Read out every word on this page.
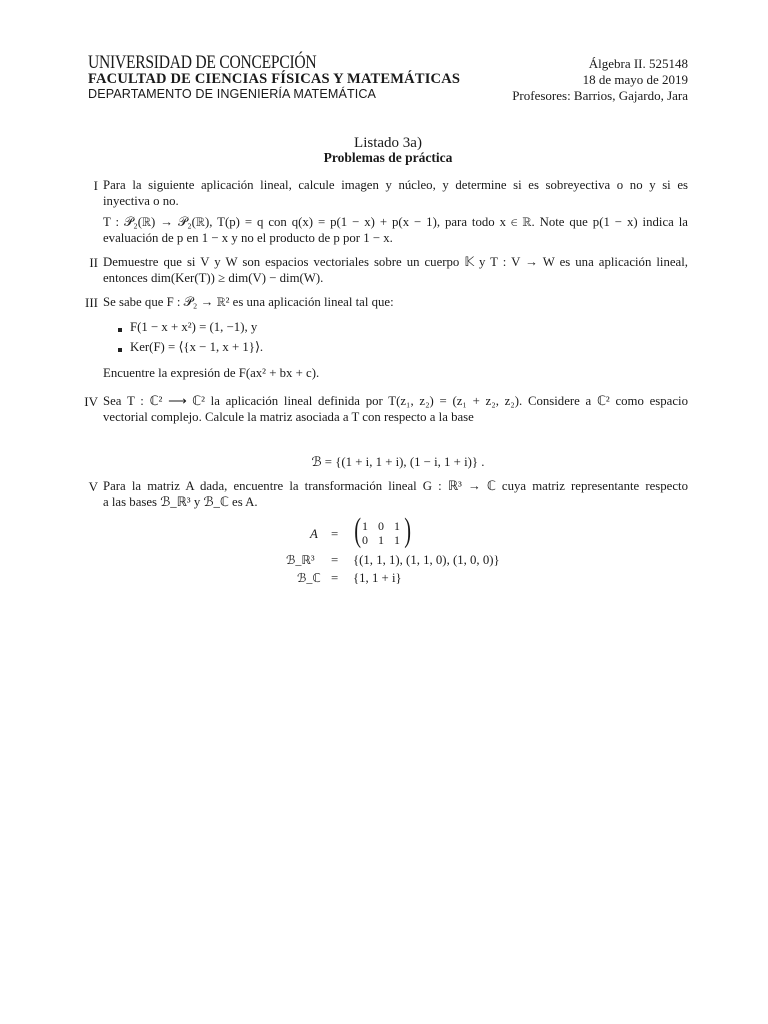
UNIVERSIDAD DE CONCEPCIÓN
FACULTAD DE CIENCIAS FÍSICAS Y MATEMÁTICAS
DEPARTAMENTO DE INGENIERÍA MATEMÁTICA
Álgebra II. 525148
18 de mayo de 2019
Profesores: Barrios, Gajardo, Jara
Listado 3a)
Problemas de práctica
I Para la siguiente aplicación lineal, calcule imagen y núcleo, y determine si es sobreyectiva o no y si es
inyectiva o no.
T : 𝒫₂(ℝ) → 𝒫₂(ℝ), T(p) = q con q(x) = p(1 − x) + p(x − 1), para todo x ∈ ℝ. Note que p(1 − x) indica la
evaluación de p en 1 − x y no el producto de p por 1 − x.
II Demuestre que si V y W son espacios vectoriales sobre un cuerpo 𝕂 y T : V → W es una aplicación lineal,
entonces dim(Ker(T)) ≥ dim(V) − dim(W).
III Se sabe que F : 𝒫₂ → ℝ² es una aplicación lineal tal que:
F(1 − x + x²) = (1, −1), y
Ker(F) = ⟨{x − 1, x + 1}⟩.
Encuentre la expresión de F(ax² + bx + c).
IV Sea T : ℂ² ⟶ ℂ² la aplicación lineal definida por T(z₁, z₂) = (z₁ + z₂, z₂). Considere a ℂ² como espacio
vectorial complejo. Calcule la matriz asociada a T con respecto a la base
ℬ = {(1 + i, 1 + i), (1 − i, 1 + i)} .
V Para la matriz A dada, encuentre la transformación lineal G : ℝ³ → ℂ cuya matriz representante respecto
a las bases ℬ_ℝ³ y ℬ_ℂ es A.
A = ( 1 0 1
0 1 1 )
ℬ_ℝ³ = {(1, 1, 1), (1, 1, 0), (1, 0, 0)}
ℬ_ℂ = {1, 1 + i}
